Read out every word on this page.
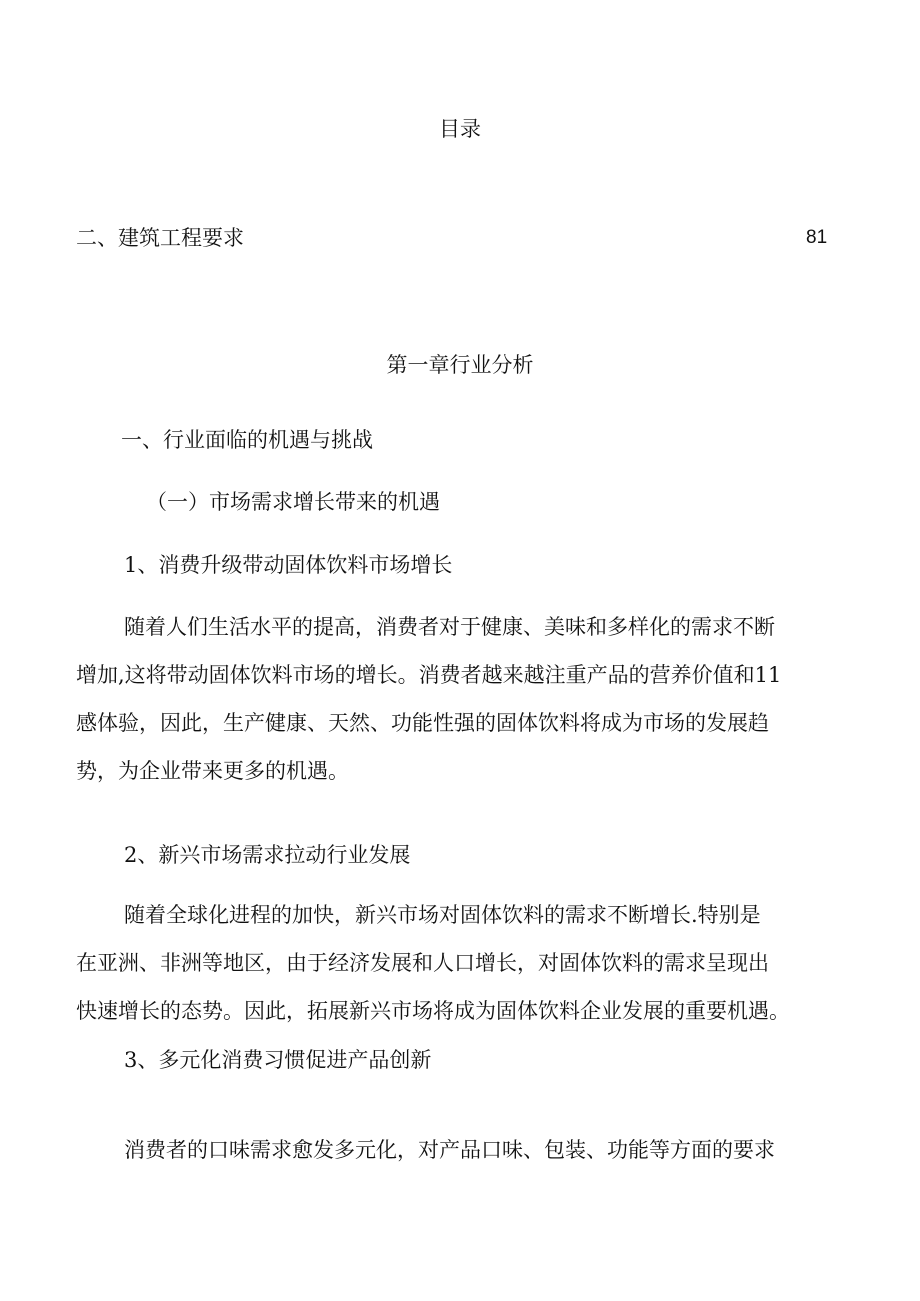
目录
二、建筑工程要求	81
第一章行业分析
一、行业面临的机遇与挑战
（一）市场需求增长带来的机遇
1、消费升级带动固体饮料市场增长
随着人们生活水平的提高，消费者对于健康、美味和多样化的需求不断
增加,这将带动固体饮料市场的增长。消费者越来越注重产品的营养价值和11
感体验，因此，生产健康、天然、功能性强的固体饮料将成为市场的发展趋
势，为企业带来更多的机遇。
2、新兴市场需求拉动行业发展
随着全球化进程的加快，新兴市场对固体饮料的需求不断增长.特别是
在亚洲、非洲等地区，由于经济发展和人口增长，对固体饮料的需求呈现出
快速增长的态势。因此，拓展新兴市场将成为固体饮料企业发展的重要机遇。
3、多元化消费习惯促进产品创新
消费者的口味需求愈发多元化，对产品口味、包装、功能等方面的要求
